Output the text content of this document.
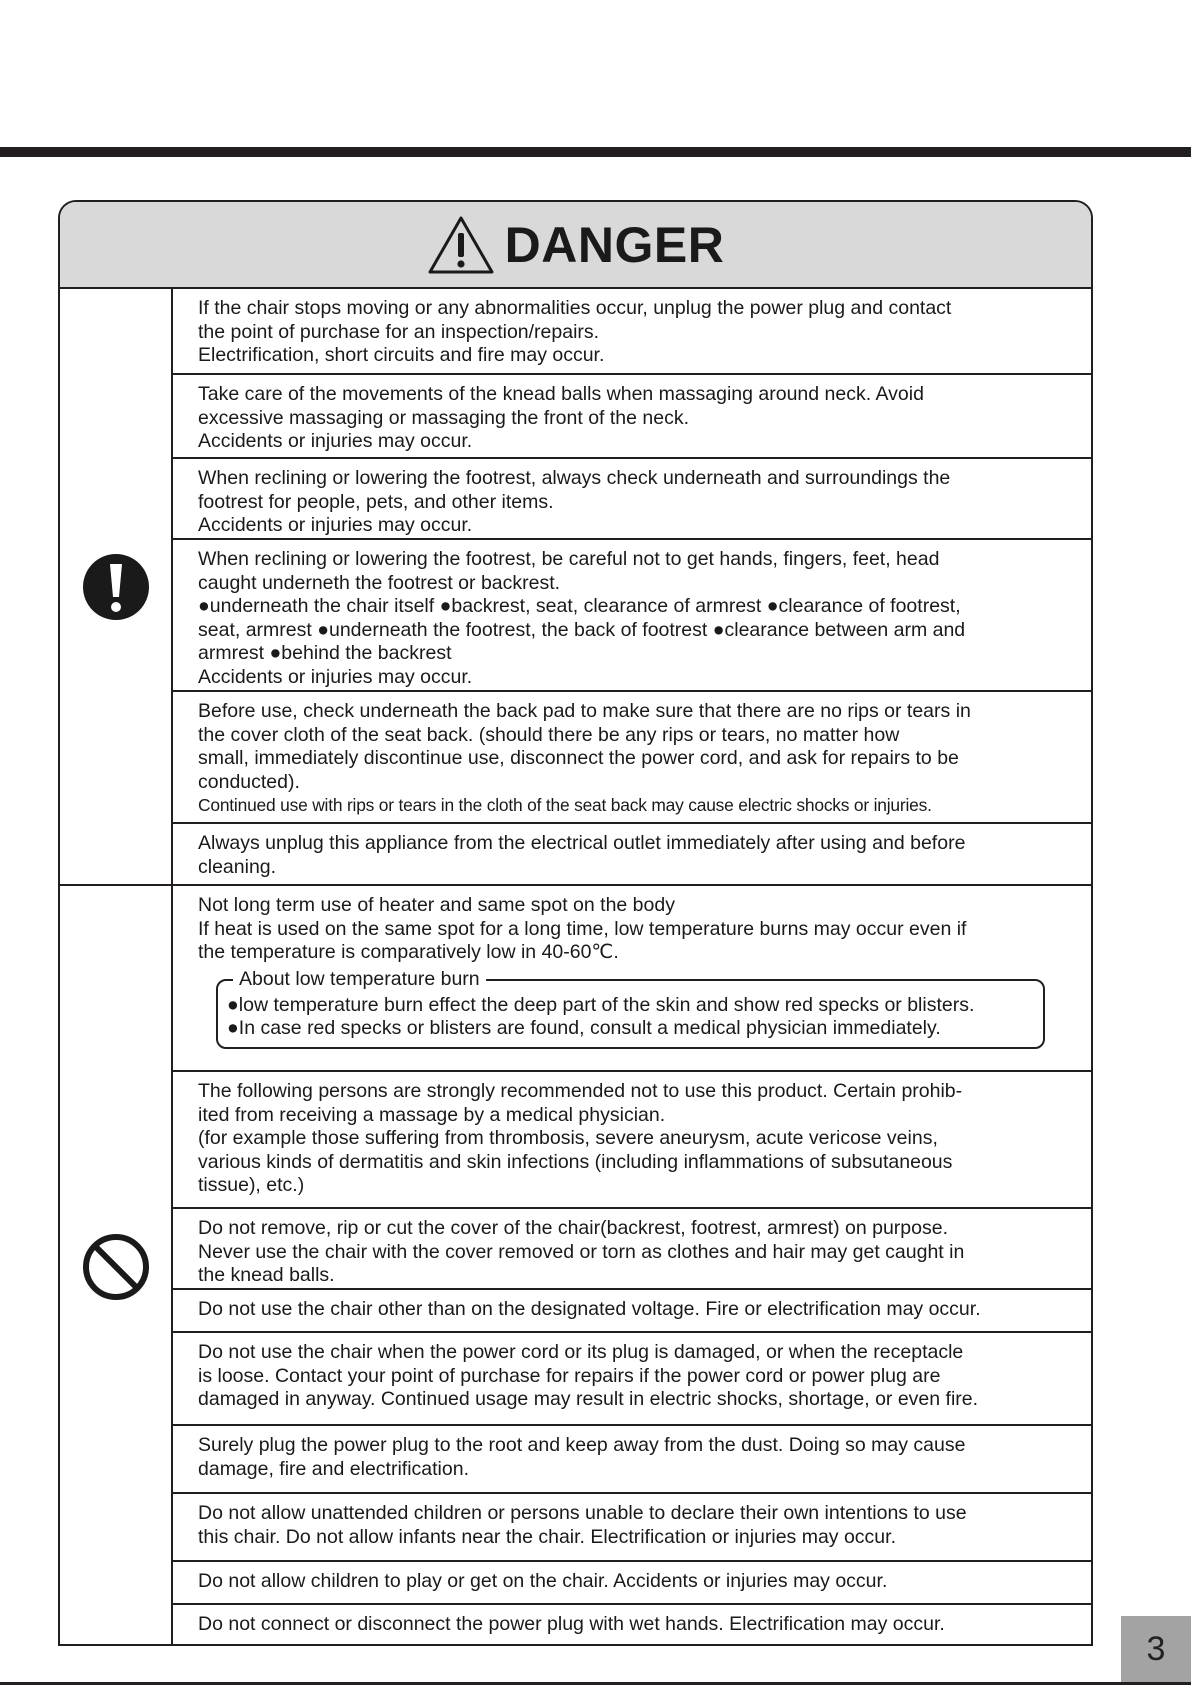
DANGER

If the chair stops moving or any abnormalities occur, unplug the power plug and contact

the point of purchase for an inspection/repairs.

Electrification, short circuits and fire may occur.

Take care of the movements of the knead balls when massaging around neck. Avoid

excessive massaging or massaging the front of the neck.

Accidents or injuries may occur.

When reclining or lowering the footrest, always check underneath and surroundings the

footrest for people, pets, and other items.

Accidents or injuries may occur.

When reclining or lowering the footrest, be careful not to get hands, fingers, feet, head

caught underneth the footrest or backrest.

●underneath the chair itself ●backrest, seat, clearance of armrest ●clearance of footrest,

seat, armrest ●underneath the footrest, the back of footrest ●clearance between arm and

armrest ●behind the backrest

Accidents or injuries may occur.

Before use, check underneath the back pad to make sure that there are no rips or tears in

the cover cloth of the seat back. (should there be any rips or tears, no matter how

small, immediately discontinue use, disconnect the power cord, and ask for repairs to be

conducted).

Continued use with rips or tears in the cloth of the seat back may cause electric shocks or injuries.

Always unplug this appliance from the electrical outlet immediately after using and before

cleaning.

Not long term use of heater and same spot on the body

If heat is used on the same spot for a long time, low temperature burns may occur even if

the temperature is comparatively low in 40-60℃.

About low temperature burn

●low temperature burn effect the deep part of the skin and show red specks or blisters.

●In case red specks or blisters are found, consult a medical physician immediately.

The following persons are strongly recommended not to use this product. Certain prohib-

ited from receiving a massage by a medical physician.

(for example those suffering from thrombosis, severe aneurysm, acute vericose veins,

various kinds of dermatitis and skin infections (including inflammations of subsutaneous

tissue), etc.)

Do not remove, rip or cut the cover of the chair(backrest, footrest, armrest) on purpose.

Never use the chair with the cover removed or torn as clothes and hair may get caught in

the knead balls.

Do not use the chair other than on the designated voltage. Fire or electrification may occur.

Do not use the chair when the power cord or its plug is damaged, or when the receptacle

is loose. Contact your point of purchase for repairs if the power cord or power plug are

damaged in anyway. Continued usage may result in electric shocks, shortage, or even fire.

Surely plug the power plug to the root and keep away from the dust. Doing so may cause

damage, fire and electrification.

Do not allow unattended children or persons unable to declare their own intentions to use

this chair. Do not allow infants near the chair. Electrification or injuries may occur.

Do not allow children to play or get on the chair. Accidents or injuries may occur.

Do not connect or disconnect the power plug with wet hands. Electrification may occur.

3
